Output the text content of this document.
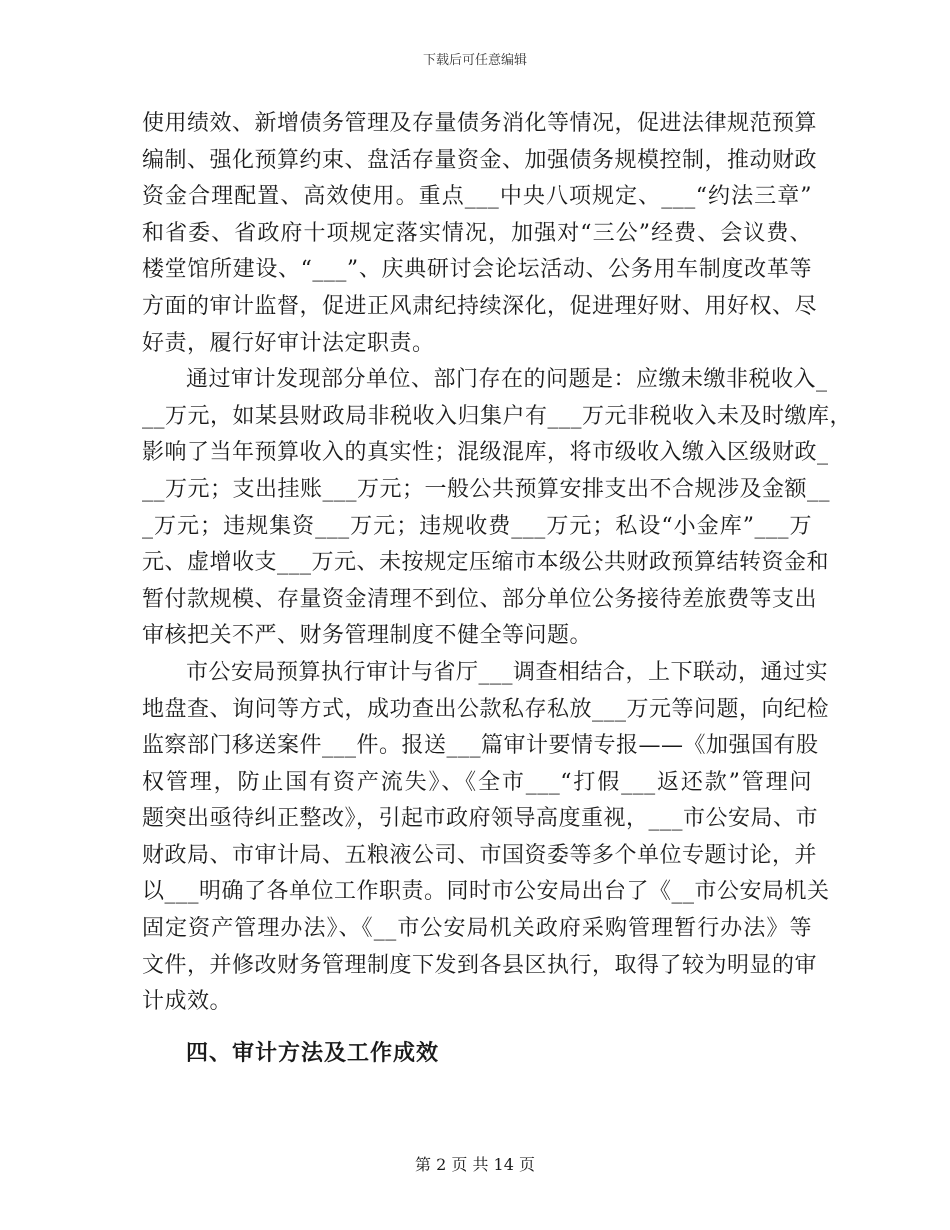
下载后可任意编辑
使用绩效、新增债务管理及存量债务消化等情况，促进法律规范预算
编制、强化预算约束、盘活存量资金、加强债务规模控制，推动财政
资金合理配置、高效使用。重点___中央八项规定、___“约法三章”
和省委、省政府十项规定落实情况，加强对“三公”经费、会议费、
楼堂馆所建设、“___”、庆典研讨会论坛活动、公务用车制度改革等
方面的审计监督，促进正风肃纪持续深化，促进理好财、用好权、尽
好责，履行好审计法定职责。
通过审计发现部分单位、部门存在的问题是：应缴未缴非税收入_
__万元，如某县财政局非税收入归集户有___万元非税收入未及时缴库，
影响了当年预算收入的真实性；混级混库，将市级收入缴入区级财政_
__万元；支出挂账___万元；一般公共预算安排支出不合规涉及金额__
_万元；违规集资___万元；违规收费___万元；私设“小金库”___万
元、虚增收支___万元、未按规定压缩市本级公共财政预算结转资金和
暂付款规模、存量资金清理不到位、部分单位公务接待差旅费等支出
审核把关不严、财务管理制度不健全等问题。
市公安局预算执行审计与省厅___调查相结合，上下联动，通过实
地盘查、询问等方式，成功查出公款私存私放___万元等问题，向纪检
监察部门移送案件___件。报送___篇审计要情专报——《加强国有股
权管理，防止国有资产流失》、《全市___“打假___返还款”管理问
题突出亟待纠正整改》，引起市政府领导高度重视，___市公安局、市
财政局、市审计局、五粮液公司、市国资委等多个单位专题讨论，并
以___明确了各单位工作职责。同时市公安局出台了《__市公安局机关
固定资产管理办法》、《__市公安局机关政府采购管理暂行办法》等
文件，并修改财务管理制度下发到各县区执行，取得了较为明显的审
计成效。
四、审计方法及工作成效
第 2 页 共 14 页
